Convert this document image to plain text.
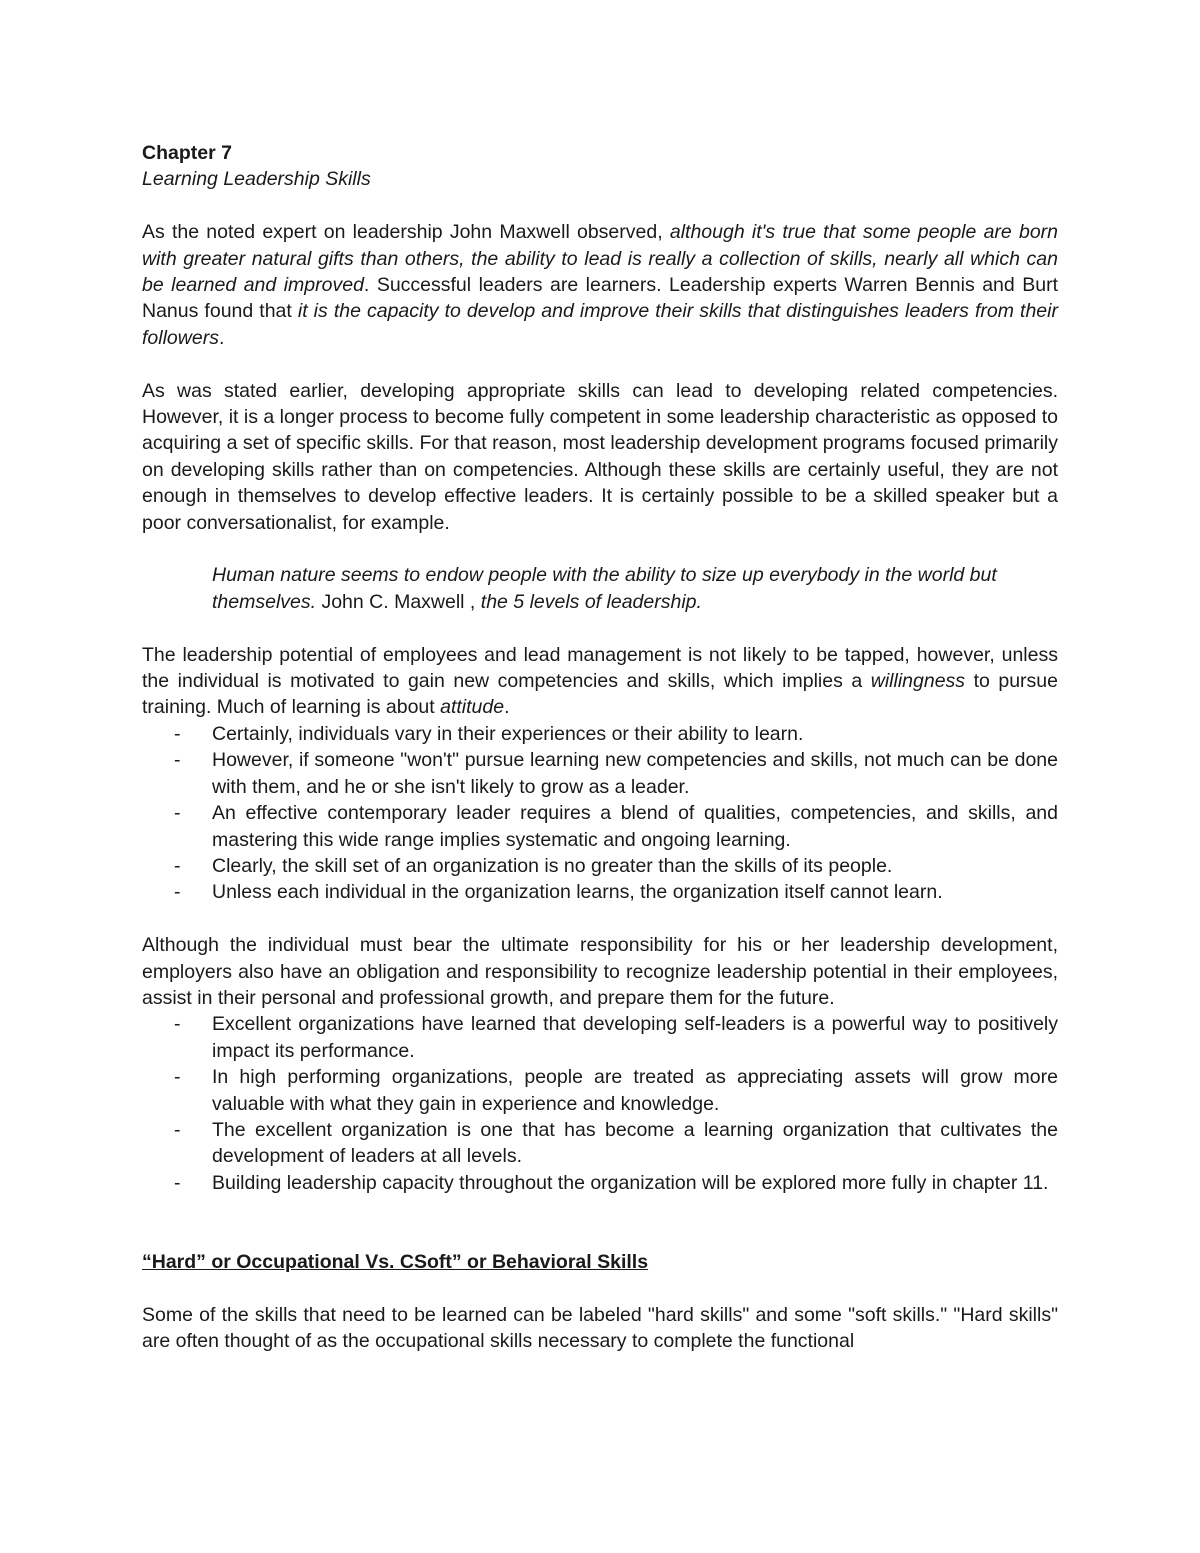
Chapter 7

Learning Leadership Skills

As the noted expert on leadership John Maxwell observed, although it's true that some people are born with greater natural gifts than others, the ability to lead is really a collection of skills, nearly all which can be learned and improved. Successful leaders are learners. Leadership experts Warren Bennis and Burt Nanus found that it is the capacity to develop and improve their skills that distinguishes leaders from their followers.

As was stated earlier, developing appropriate skills can lead to developing related competencies. However, it is a longer process to become fully competent in some leadership characteristic as opposed to acquiring a set of specific skills. For that reason, most leadership development programs focused primarily on developing skills rather than on competencies. Although these skills are certainly useful, they are not enough in themselves to develop effective leaders. It is certainly possible to be a skilled speaker but a poor conversationalist, for example.

Human nature seems to endow people with the ability to size up everybody in the world but themselves. John C. Maxwell , the 5 levels of leadership.

The leadership potential of employees and lead management is not likely to be tapped, however, unless the individual is motivated to gain new competencies and skills, which implies a willingness to pursue training. Much of learning is about attitude.

- Certainly, individuals vary in their experiences or their ability to learn.
- However, if someone "won't" pursue learning new competencies and skills, not much can be done with them, and he or she isn't likely to grow as a leader.
- An effective contemporary leader requires a blend of qualities, competencies, and skills, and mastering this wide range implies systematic and ongoing learning.
- Clearly, the skill set of an organization is no greater than the skills of its people.
- Unless each individual in the organization learns, the organization itself cannot learn.

Although the individual must bear the ultimate responsibility for his or her leadership development, employers also have an obligation and responsibility to recognize leadership potential in their employees, assist in their personal and professional growth, and prepare them for the future.

- Excellent organizations have learned that developing self-leaders is a powerful way to positively impact its performance.
- In high performing organizations, people are treated as appreciating assets will grow more valuable with what they gain in experience and knowledge.
- The excellent organization is one that has become a learning organization that cultivates the development of leaders at all levels.
- Building leadership capacity throughout the organization will be explored more fully in chapter 11.

“Hard” or Occupational Vs. CSoft” or Behavioral Skills

Some of the skills that need to be learned can be labeled "hard skills" and some "soft skills." "Hard skills" are often thought of as the occupational skills necessary to complete the functional
